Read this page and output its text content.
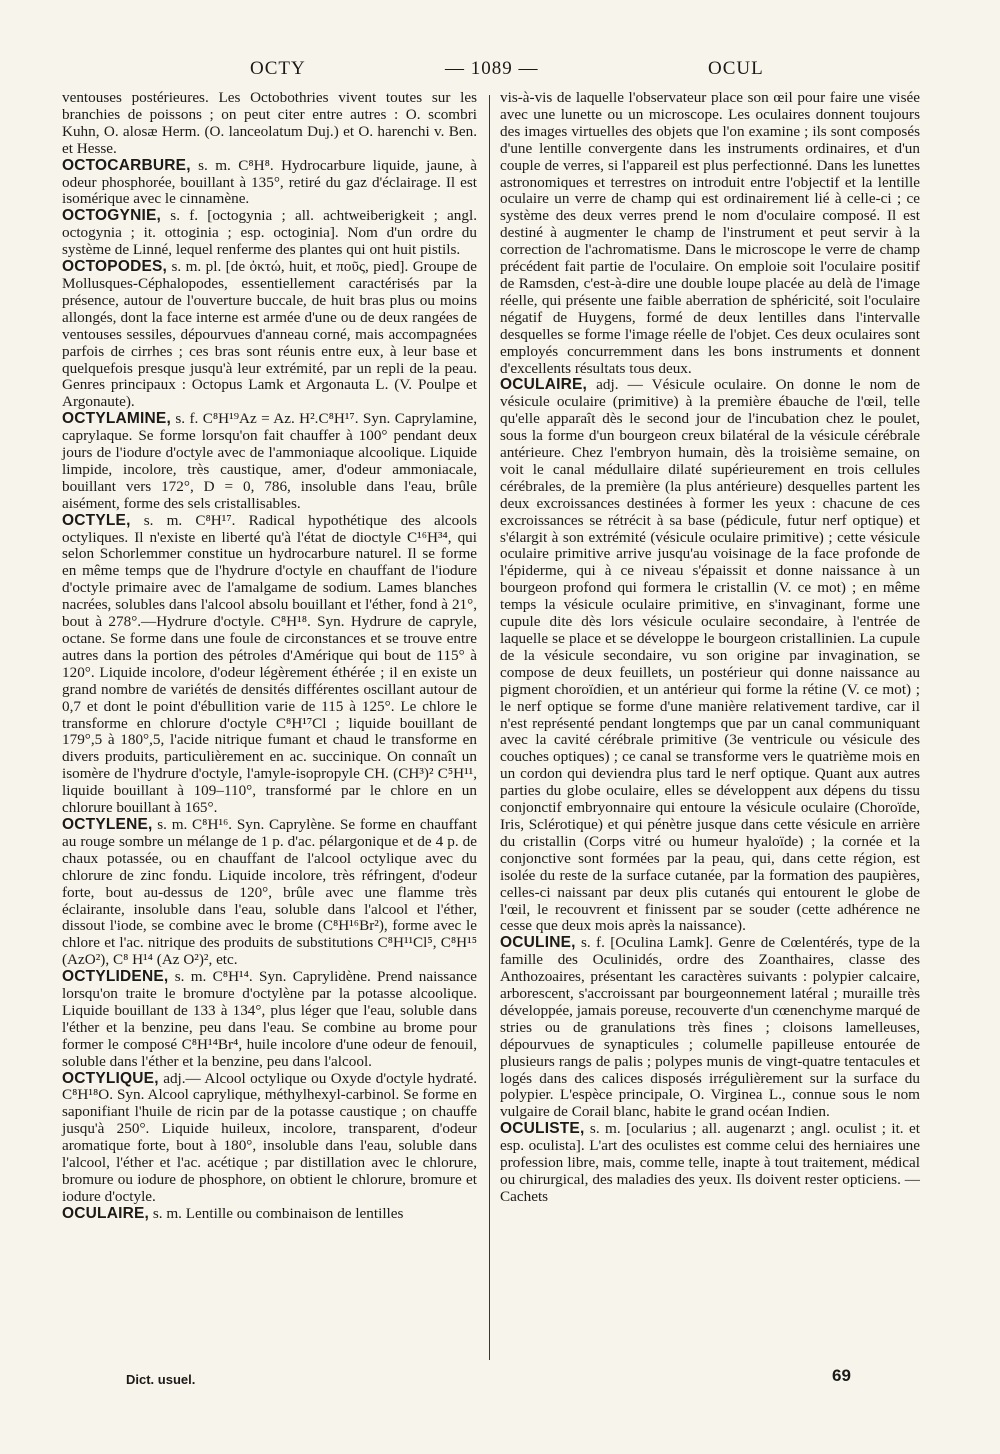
OCTY	— 1089 —	OCUL

ventouses postérieures. Les Octobothries vivent toutes sur les branchies de poissons ; on peut citer entre autres : O. scombri Kuhn, O. alosæ Herm. (O. lanceolatum Duj.) et O. harenchi v. Ben. et Hesse.

OCTOCARBURE, s. m. C⁸H⁸. Hydrocarbure liquide, jaune, à odeur phosphorée, bouillant à 135°, retiré du gaz d'éclairage. Il est isomérique avec le cinnamène.

OCTOGYNIE, s. f. [octogynia ; all. achtweiberigkeit ; angl. octogynia ; it. ottoginia ; esp. octoginia]. Nom d'un ordre du système de Linné, lequel renferme des plantes qui ont huit pistils.

OCTOPODES, s. m. pl. [de ὀκτώ, huit, et ποῦς, pied]. Groupe de Mollusques-Céphalopodes, essentiellement caractérisés par la présence, autour de l'ouverture buccale, de huit bras plus ou moins allongés, dont la face interne est armée d'une ou de deux rangées de ventouses sessiles, dépourvues d'anneau corné, mais accompagnées parfois de cirrhes ; ces bras sont réunis entre eux, à leur base et quelquefois presque jusqu'à leur extrémité, par un repli de la peau. Genres principaux : Octopus Lamk et Argonauta L. (V. Poulpe et Argonaute).

OCTYLAMINE, s. f. C⁸H¹⁹Az = Az. H².C⁸H¹⁷. Syn. Caprylamine, caprylaque. Se forme lorsqu'on fait chauffer à 100° pendant deux jours de l'iodure d'octyle avec de l'ammoniaque alcoolique. Liquide limpide, incolore, très caustique, amer, d'odeur ammoniacale, bouillant vers 172°, D = 0, 786, insoluble dans l'eau, brûle aisément, forme des sels cristallisables.

OCTYLE, s. m. C⁸H¹⁷. Radical hypothétique des alcools octyliques. Il n'existe en liberté qu'à l'état de dioctyle C¹⁶H³⁴, qui selon Schorlemmer constitue un hydrocarbure naturel. Il se forme en même temps que de l'hydrure d'octyle en chauffant de l'iodure d'octyle primaire avec de l'amalgame de sodium. Lames blanches nacrées, solubles dans l'alcool absolu bouillant et l'éther, fond à 21°, bout à 278°.—Hydrure d'octyle. C⁸H¹⁸. Syn. Hydrure de capryle, octane. Se forme dans une foule de circonstances et se trouve entre autres dans la portion des pétroles d'Amérique qui bout de 115° à 120°. Liquide incolore, d'odeur légèrement éthérée ; il en existe un grand nombre de variétés de densités différentes oscillant autour de 0,7 et dont le point d'ébullition varie de 115 à 125°. Le chlore le transforme en chlorure d'octyle C⁸H¹⁷Cl ; liquide bouillant de 179°,5 à 180°,5, l'acide nitrique fumant et chaud le transforme en divers produits, particulièrement en ac. succinique. On connaît un isomère de l'hydrure d'octyle, l'amyle-isopropyle CH. (CH³)² C⁵H¹¹, liquide bouillant à 109–110°, transformé par le chlore en un chlorure bouillant à 165°.

OCTYLENE, s. m. C⁸H¹⁶. Syn. Caprylène. Se forme en chauffant au rouge sombre un mélange de 1 p. d'ac. pélargonique et de 4 p. de chaux potassée, ou en chauffant de l'alcool octylique avec du chlorure de zinc fondu. Liquide incolore, très réfringent, d'odeur forte, bout au-dessus de 120°, brûle avec une flamme très éclairante, insoluble dans l'eau, soluble dans l'alcool et l'éther, dissout l'iode, se combine avec le brome (C⁸H¹⁶Br²), forme avec le chlore et l'ac. nitrique des produits de substitutions C⁸H¹¹Cl⁵, C⁸H¹⁵ (AzO²), C⁸ H¹⁴ (Az O²)², etc.

OCTYLIDENE, s. m. C⁸H¹⁴. Syn. Caprylidène. Prend naissance lorsqu'on traite le bromure d'octylène par la potasse alcoolique. Liquide bouillant de 133 à 134°, plus léger que l'eau, soluble dans l'éther et la benzine, peu dans l'eau. Se combine au brome pour former le composé C⁸H¹⁴Br⁴, huile incolore d'une odeur de fenouil, soluble dans l'éther et la benzine, peu dans l'alcool.

OCTYLIQUE, adj.— Alcool octylique ou Oxyde d'octyle hydraté. C⁸H¹⁸O. Syn. Alcool caprylique, méthylhexyl-carbinol. Se forme en saponifiant l'huile de ricin par de la potasse caustique ; on chauffe jusqu'à 250°. Liquide huileux, incolore, transparent, d'odeur aromatique forte, bout à 180°, insoluble dans l'eau, soluble dans l'alcool, l'éther et l'ac. acétique ; par distillation avec le chlorure, bromure ou iodure de phosphore, on obtient le chlorure, bromure et iodure d'octyle.

OCULAIRE, s. m. Lentille ou combinaison de lentilles

vis-à-vis de laquelle l'observateur place son œil pour faire une visée avec une lunette ou un microscope. Les oculaires donnent toujours des images virtuelles des objets que l'on examine ; ils sont composés d'une lentille convergente dans les instruments ordinaires, et d'un couple de verres, si l'appareil est plus perfectionné. Dans les lunettes astronomiques et terrestres on introduit entre l'objectif et la lentille oculaire un verre de champ qui est ordinairement lié à celle-ci ; ce système des deux verres prend le nom d'oculaire composé. Il est destiné à augmenter le champ de l'instrument et peut servir à la correction de l'achromatisme. Dans le microscope le verre de champ précédent fait partie de l'oculaire. On emploie soit l'oculaire positif de Ramsden, c'est-à-dire une double loupe placée au delà de l'image réelle, qui présente une faible aberration de sphéricité, soit l'oculaire négatif de Huygens, formé de deux lentilles dans l'intervalle desquelles se forme l'image réelle de l'objet. Ces deux oculaires sont employés concurremment dans les bons instruments et donnent d'excellents résultats tous deux.

OCULAIRE, adj. — Vésicule oculaire. On donne le nom de vésicule oculaire (primitive) à la première ébauche de l'œil, telle qu'elle apparaît dès le second jour de l'incubation chez le poulet, sous la forme d'un bourgeon creux bilatéral de la vésicule cérébrale antérieure. Chez l'embryon humain, dès la troisième semaine, on voit le canal médullaire dilaté supérieurement en trois cellules cérébrales, de la première (la plus antérieure) desquelles partent les deux excroissances destinées à former les yeux : chacune de ces excroissances se rétrécit à sa base (pédicule, futur nerf optique) et s'élargit à son extrémité (vésicule oculaire primitive) ; cette vésicule oculaire primitive arrive jusqu'au voisinage de la face profonde de l'épiderme, qui à ce niveau s'épaissit et donne naissance à un bourgeon profond qui formera le cristallin (V. ce mot) ; en même temps la vésicule oculaire primitive, en s'invaginant, forme une cupule dite dès lors vésicule oculaire secondaire, à l'entrée de laquelle se place et se développe le bourgeon cristallinien. La cupule de la vésicule secondaire, vu son origine par invagination, se compose de deux feuillets, un postérieur qui donne naissance au pigment choroïdien, et un antérieur qui forme la rétine (V. ce mot) ; le nerf optique se forme d'une manière relativement tardive, car il n'est représenté pendant longtemps que par un canal communiquant avec la cavité cérébrale primitive (3e ventricule ou vésicule des couches optiques) ; ce canal se transforme vers le quatrième mois en un cordon qui deviendra plus tard le nerf optique. Quant aux autres parties du globe oculaire, elles se développent aux dépens du tissu conjonctif embryonnaire qui entoure la vésicule oculaire (Choroïde, Iris, Sclérotique) et qui pénètre jusque dans cette vésicule en arrière du cristallin (Corps vitré ou humeur hyaloïde) ; la cornée et la conjonctive sont formées par la peau, qui, dans cette région, est isolée du reste de la surface cutanée, par la formation des paupières, celles-ci naissant par deux plis cutanés qui entourent le globe de l'œil, le recouvrent et finissent par se souder (cette adhérence ne cesse que deux mois après la naissance).

OCULINE, s. f. [Oculina Lamk]. Genre de Cœlentérés, type de la famille des Oculinidés, ordre des Zoanthaires, classe des Anthozoaires, présentant les caractères suivants : polypier calcaire, arborescent, s'accroissant par bourgeonnement latéral ; muraille très développée, jamais poreuse, recouverte d'un cœnenchyme marqué de stries ou de granulations très fines ; cloisons lamelleuses, dépourvues de synapticules ; columelle papilleuse entourée de plusieurs rangs de palis ; polypes munis de vingt-quatre tentacules et logés dans des calices disposés irrégulièrement sur la surface du polypier. L'espèce principale, O. Virginea L., connue sous le nom vulgaire de Corail blanc, habite le grand océan Indien.

OCULISTE, s. m. [ocularius ; all. augenarzt ; angl. oculist ; it. et esp. oculista]. L'art des oculistes est comme celui des herniaires une profession libre, mais, comme telle, inapte à tout traitement, médical ou chirurgical, des maladies des yeux. Ils doivent rester opticiens. — Cachets

Dict. usuel.	69
